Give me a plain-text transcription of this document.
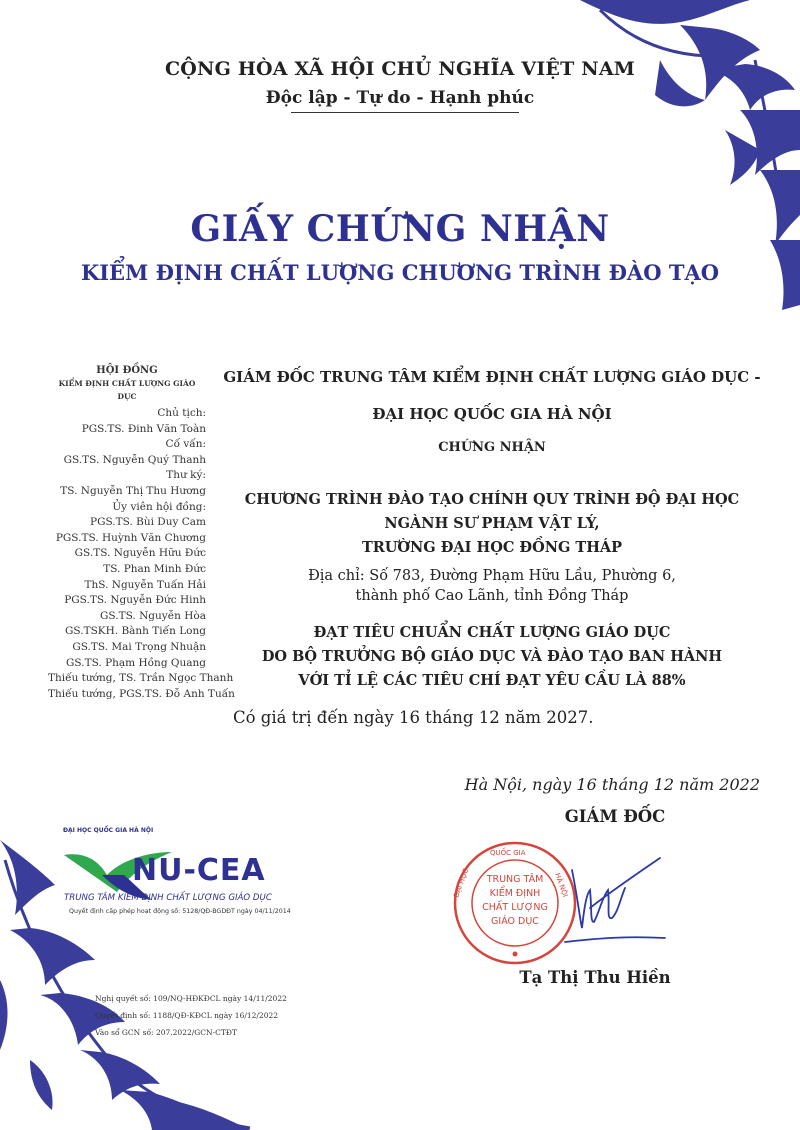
CỘNG HÒA XÃ HỘI CHỦ NGHĨA VIỆT NAM
Độc lập - Tự do - Hạnh phúc
GIẤY CHỨNG NHẬN
KIỂM ĐỊNH CHẤT LƯỢNG CHƯƠNG TRÌNH ĐÀO TẠO
HỘI ĐỒNG
KIỂM ĐỊNH CHẤT LƯỢNG GIÁO DỤC
Chủ tịch:
PGS.TS. Đinh Văn Toàn
Cố vấn:
GS.TS. Nguyễn Quý Thanh
Thư ký:
TS. Nguyễn Thị Thu Hương
Ủy viên hội đồng:
PGS.TS. Bùi Duy Cam
PGS.TS. Huỳnh Văn Chương
GS.TS. Nguyễn Hữu Đức
TS. Phan Minh Đức
ThS. Nguyễn Tuấn Hải
PGS.TS. Nguyễn Đức Hinh
GS.TS. Nguyễn Hòa
GS.TSKH. Bành Tiến Long
GS.TS. Mai Trọng Nhuận
GS.TS. Phạm Hồng Quang
Thiếu tướng, TS. Trần Ngọc Thanh
Thiếu tướng, PGS.TS. Đỗ Anh Tuấn
GIÁM ĐỐC TRUNG TÂM KIỂM ĐỊNH CHẤT LƯỢNG GIÁO DỤC -
ĐẠI HỌC QUỐC GIA HÀ NỘI
CHỨNG NHẬN
CHƯƠNG TRÌNH ĐÀO TẠO CHÍNH QUY TRÌNH ĐỘ ĐẠI HỌC
NGÀNH SƯ PHẠM VẬT LÝ,
TRƯỜNG ĐẠI HỌC ĐỒNG THÁP
Địa chỉ: Số 783, Đường Phạm Hữu Lầu, Phường 6,
thành phố Cao Lãnh, tỉnh Đồng Tháp
ĐẠT TIÊU CHUẨN CHẤT LƯỢNG GIÁO DỤC
DO BỘ TRƯỞNG BỘ GIÁO DỤC VÀ ĐÀO TẠO BAN HÀNH
VỚI TỈ LỆ CÁC TIÊU CHÍ ĐẠT YÊU CẦU LÀ 88%
Có giá trị đến ngày 16 tháng 12 năm 2027.
Hà Nội, ngày 16 tháng 12 năm 2022
GIÁM ĐỐC
TRUNG TÂM
KIỂM ĐỊNH
CHẤT LƯỢNG
GIÁO DỤC
QUỐC GIA
ĐẠI HỌC	HÀ NỘI
Tạ Thị Thu Hiền
ĐẠI HỌC QUỐC GIA HÀ NỘI
NU-CEA
TRUNG TÂM KIỂM ĐỊNH CHẤT LƯỢNG GIÁO DỤC
Quyết định cấp phép hoạt động số: 5128/QĐ-BGDĐT ngày 04/11/2014
Nghị quyết số: 109/NQ-HĐKĐCL ngày 14/11/2022
Quyết định số: 1188/QĐ-KĐCL ngày 16/12/2022
Vào sổ GCN số: 207.2022/GCN-CTĐT
